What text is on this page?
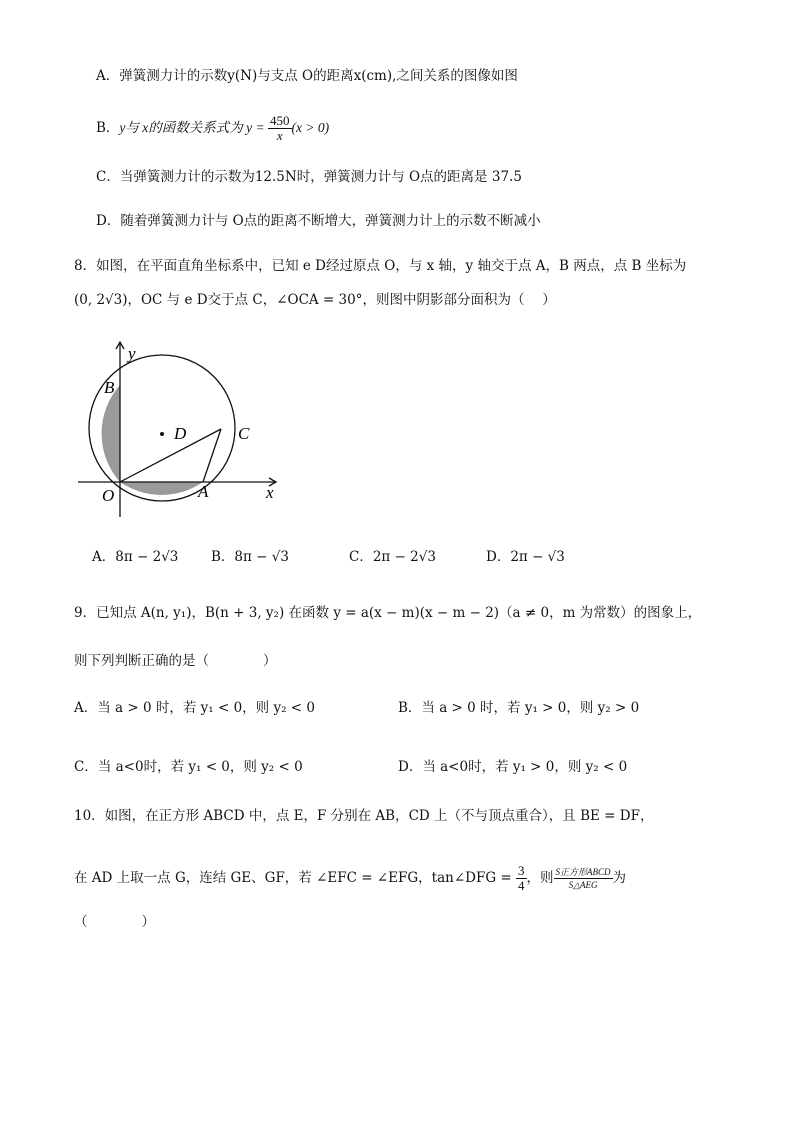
A．弹簧测力计的示数y(N)与支点 O的距离x(cm),之间关系的图像如图
B．y与 x的函数关系式为 $y = \frac{450}{x} (x > 0)$
C．当弹簧测力计的示数为12.5N时，弹簧测力计与 O点的距离是 37.5
D．随着弹簧测力计与 O点的距离不断增大，弹簧测力计上的示数不断减小
8．如图，在平面直角坐标系中，已知 e D经过原点 O，与 x 轴，y 轴交于点 A，B 两点，点 B 坐标为
(0, 2√3)，OC 与 e D交于点 C，∠OCA = 30°，则图中阴影部分面积为（　 ）
y
B
D	C
O	A	x
A．8π − 2√3 B．8π − √3	C．2π − 2√3	D．2π − √3
9．已知点 A(n, y₁)，B(n + 3, y₂) 在函数 y = a(x − m)(x − m − 2)（a ≠ 0，m 为常数）的图象上，
则下列判断正确的是（　　　　）
A．当 a > 0 时，若 y₁ < 0，则 y₂ < 0	B．当 a > 0 时，若 y₁ > 0，则 y₂ > 0
C．当 a<0时，若 y₁ < 0，则 y₂ < 0	D．当 a<0时，若 y₁ > 0，则 y₂ < 0
10．如图，在正方形 ABCD 中，点 E，F 分别在 AB，CD 上（不与顶点重合），且 BE = DF，
在 AD 上取一点 G，连结 GE、GF，若 ∠EFC = ∠EFG，tan∠DFG = $\frac{3}{4}$ ，则 $\frac{\text{S正方形ABCD}}{\text{S△AEG}}$ 为
（　　　　）
